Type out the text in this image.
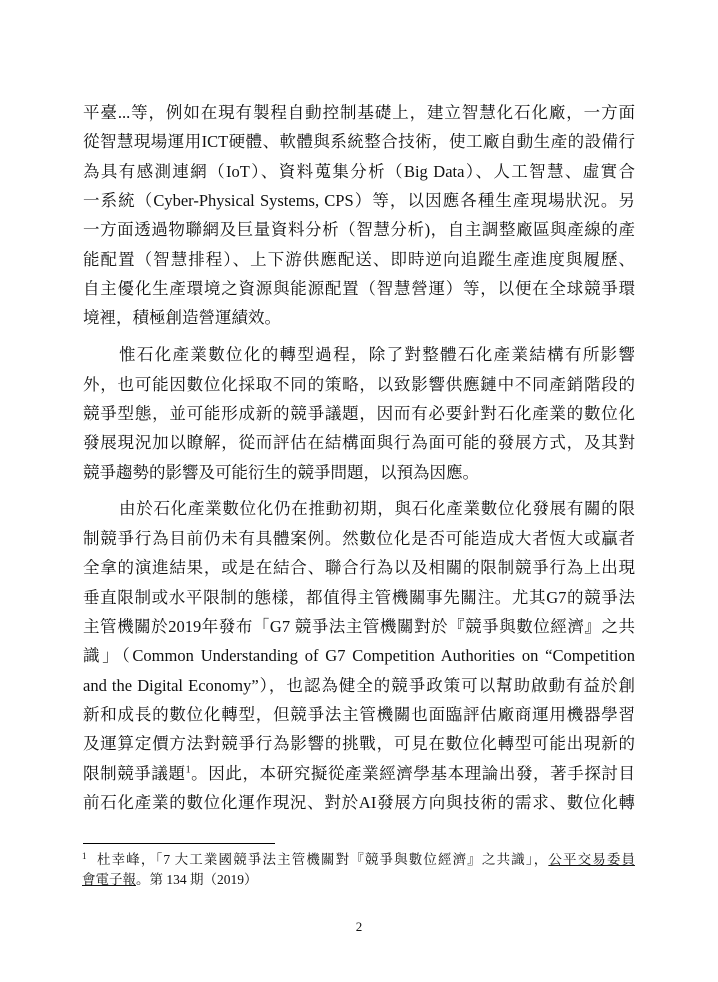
平臺...等，例如在現有製程自動控制基礎上，建立智慧化石化廠，一方面
從智慧現場運用ICT硬體、軟體與系統整合技術，使工廠自動生產的設備行
為具有感測連網（IoT）、資料蒐集分析（Big Data）、人工智慧、虛實合
一系統（Cyber-Physical Systems, CPS）等，以因應各種生產現場狀況。另
一方面透過物聯網及巨量資料分析（智慧分析)，自主調整廠區與產線的產
能配置（智慧排程）、上下游供應配送、即時逆向追蹤生產進度與履歷、
自主優化生產環境之資源與能源配置（智慧營運）等，以便在全球競爭環
境裡，積極創造營運績效。
惟石化產業數位化的轉型過程，除了對整體石化產業結構有所影響
外，也可能因數位化採取不同的策略，以致影響供應鏈中不同產銷階段的
競爭型態，並可能形成新的競爭議題，因而有必要針對石化產業的數位化
發展現況加以瞭解，從而評估在結構面與行為面可能的發展方式，及其對
競爭趨勢的影響及可能衍生的競爭問題，以預為因應。
由於石化產業數位化仍在推動初期，與石化產業數位化發展有關的限
制競爭行為目前仍未有具體案例。然數位化是否可能造成大者恆大或贏者
全拿的演進結果，或是在結合、聯合行為以及相關的限制競爭行為上出現
垂直限制或水平限制的態樣，都值得主管機關事先關注。尤其G7的競爭法
主管機關於2019年發布「G7 競爭法主管機關對於『競爭與數位經濟』之共
識」（Common Understanding of G7 Competition Authorities on “Competition
and the Digital Economy”），也認為健全的競爭政策可以幫助啟動有益於創
新和成長的數位化轉型，但競爭法主管機關也面臨評估廠商運用機器學習
及運算定價方法對競爭行為影響的挑戰，可見在數位化轉型可能出現新的
限制競爭議題$^1$。因此，本研究擬從產業經濟學基本理論出發，著手探討目
前石化產業的數位化運作現況、對於AI發展方向與技術的需求、數位化轉
1 杜幸峰，「7 大工業國競爭法主管機關對『競爭與數位經濟』之共識」，公平交易委員
會電子報。第 134 期（2019）
2
